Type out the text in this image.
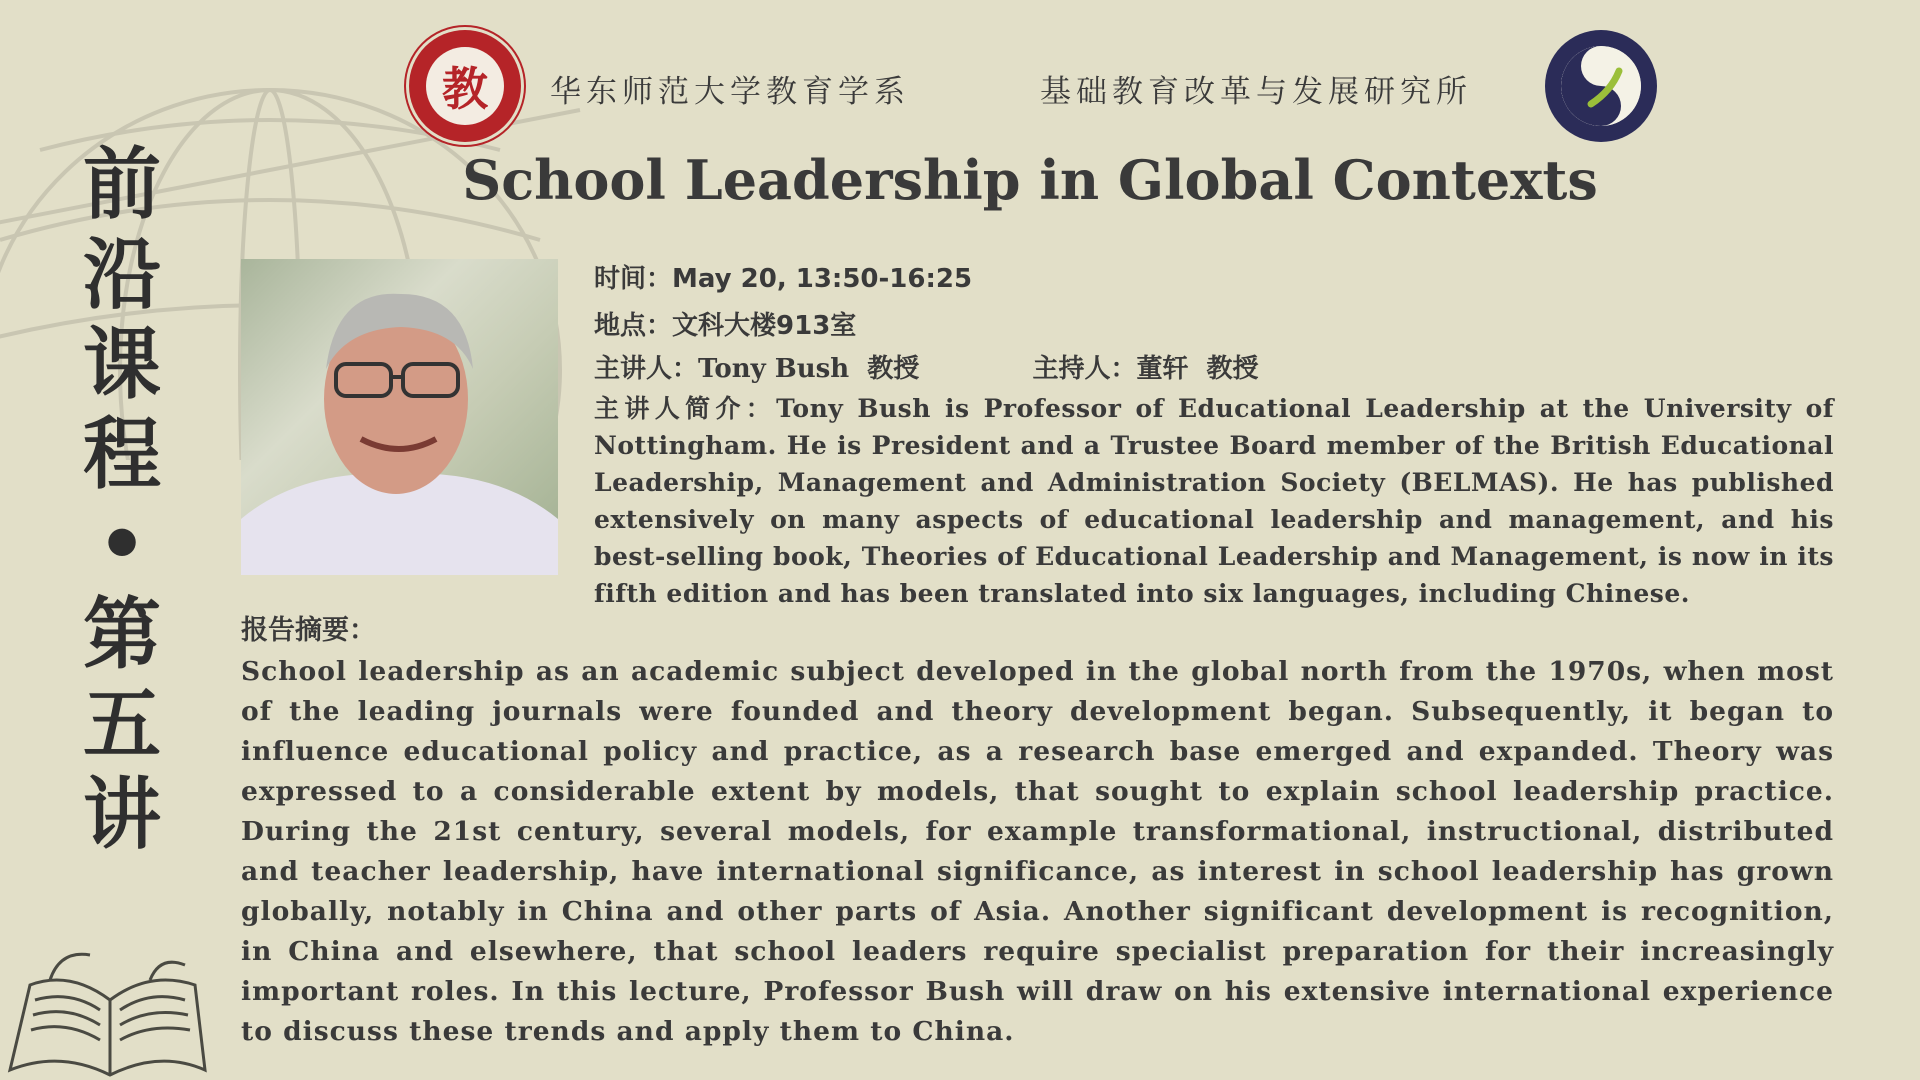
前
沿
课
程
•
第
五
讲
教 华东师范大学教育学系	基础教育改革与发展研究所
School Leadership in Global Contexts
时间：May 20, 13:50-16:25
地点：文科大楼913室
主讲人：Tony Bush  教授	主持人：董轩  教授
主讲人简介：Tony Bush is Professor of Educational Leadership at the University of Nottingham. He is President and a Trustee Board member of the British Educational Leadership, Management and Administration Society (BELMAS). He has published extensively on many aspects of educational leadership and management, and his best-selling book, Theories of Educational Leadership and Management, is now in its fifth edition and has been translated into six languages, including Chinese.
报告摘要：
School leadership as an academic subject developed in the global north from the 1970s, when most of the leading journals were founded and theory development began. Subsequently, it began to influence educational policy and practice, as a research base emerged and expanded. Theory was expressed to a considerable extent by models, that sought to explain school leadership practice. During the 21st century, several models, for example transformational, instructional, distributed and teacher leadership, have international significance, as interest in school leadership has grown globally, notably in China and other parts of Asia. Another significant development is recognition, in China and elsewhere, that school leaders require specialist preparation for their increasingly important roles. In this lecture, Professor Bush will draw on his extensive international experience to discuss these trends and apply them to China.
